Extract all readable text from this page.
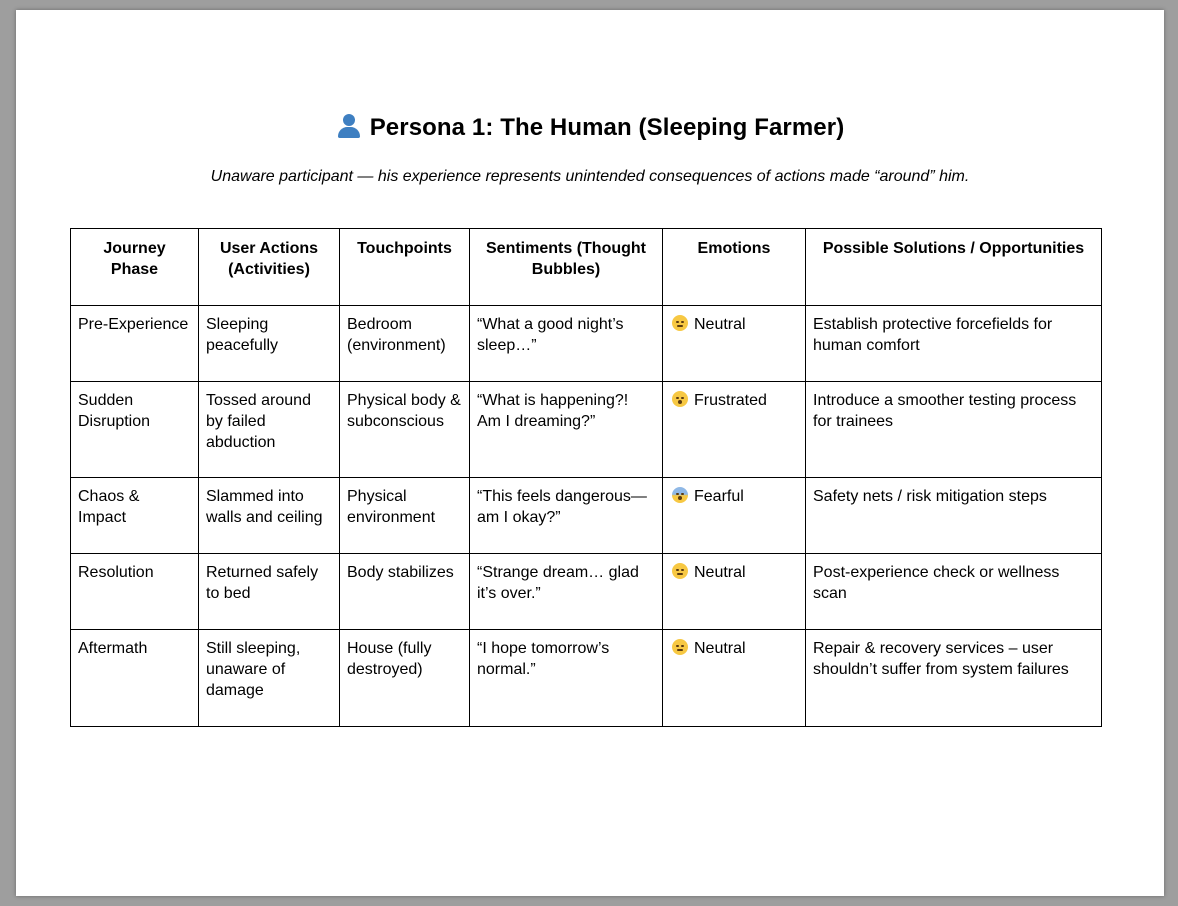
Persona 1: The Human (Sleeping Farmer)
Unaware participant — his experience represents unintended consequences of actions made “around” him.
Journey Phase	User Actions (Activities)	Touchpoints	Sentiments (Thought Bubbles)	Emotions	Possible Solutions / Opportunities
Pre-Experience	Sleeping peacefully	Bedroom (environment)	“What a good night’s sleep…”	Neutral	Establish protective forcefields for human comfort
Sudden Disruption	Tossed around by failed abduction	Physical body & subconscious	“What is happening?! Am I dreaming?”	Frustrated	Introduce a smoother testing process for trainees
Chaos & Impact	Slammed into walls and ceiling	Physical environment	“This feels dangerous—am I okay?”	Fearful	Safety nets / risk mitigation steps
Resolution	Returned safely to bed	Body stabilizes	“Strange dream… glad it’s over.”	Neutral	Post-experience check or wellness scan
Aftermath	Still sleeping, unaware of damage	House (fully destroyed)	“I hope tomorrow’s normal.”	Neutral	Repair & recovery services – user shouldn’t suffer from system failures
